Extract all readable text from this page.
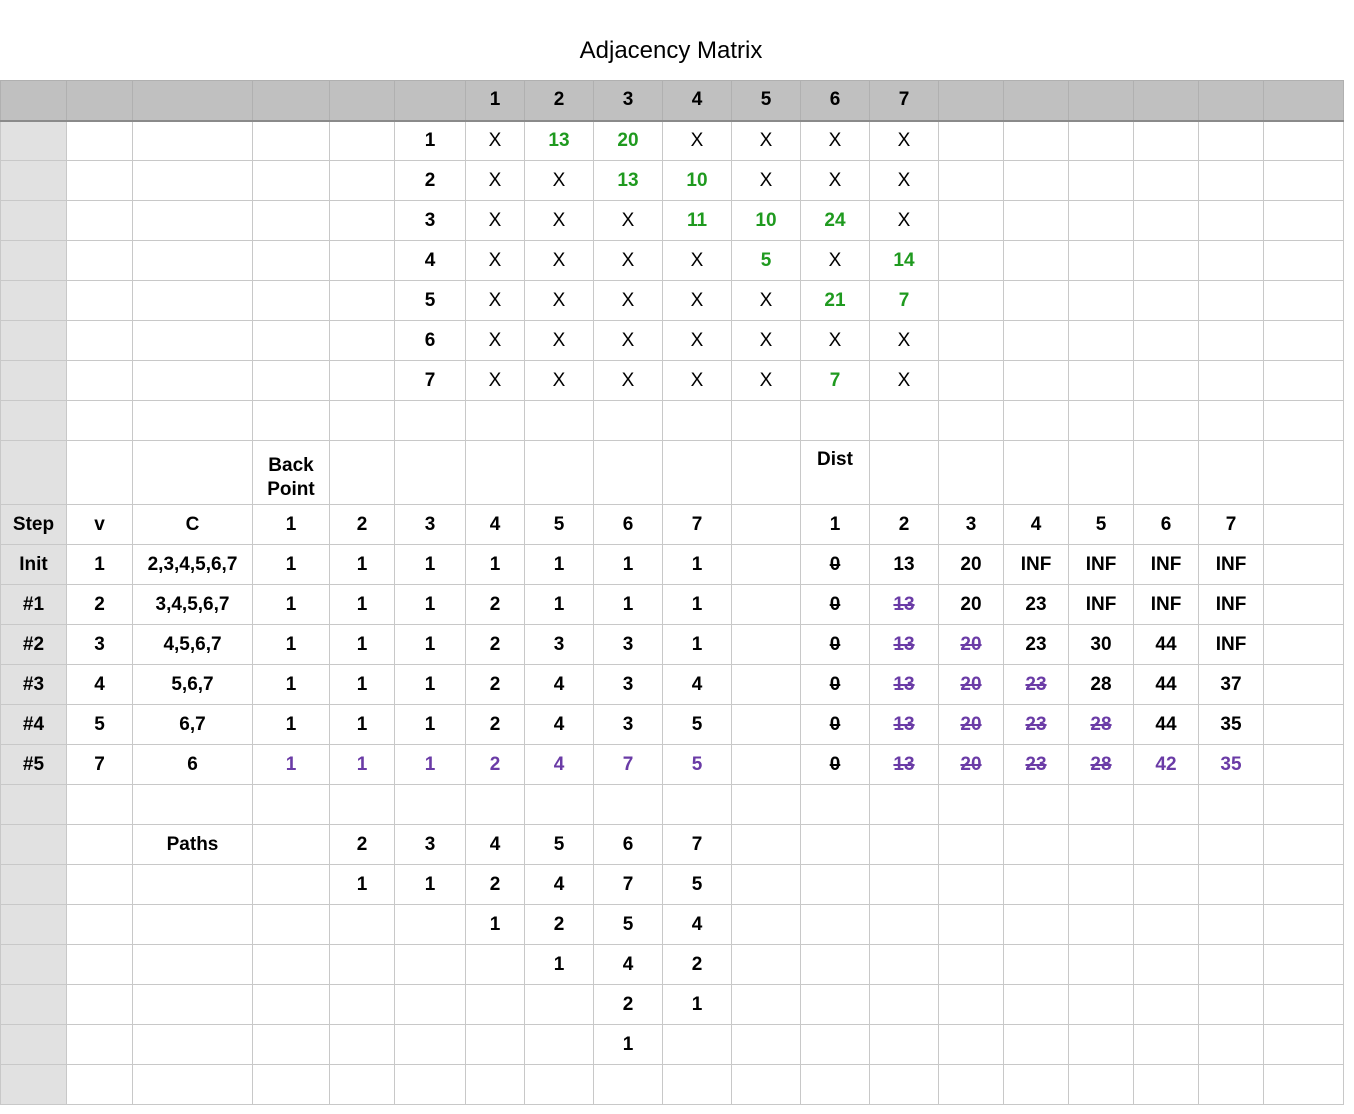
Adjacency Matrix
						1	2	3	4	5	6	7						
					1	X	13	20	X	X	X	X						
					2	X	X	13	10	X	X	X						
					3	X	X	X	11	10	24	X						
					4	X	X	X	X	5	X	14						
					5	X	X	X	X	X	21	7						
					6	X	X	X	X	X	X	X						
					7	X	X	X	X	X	7	X						

			Back Point								Dist							
Step	v	C	1	2	3	4	5	6	7		1	2	3	4	5	6	7	
Init	1	2,3,4,5,6,7	1	1	1	1	1	1	1		0	13	20	INF	INF	INF	INF	
#1	2	3,4,5,6,7	1	1	1	2	1	1	1		0	13	20	23	INF	INF	INF	
#2	3	4,5,6,7	1	1	1	2	3	3	1		0	13	20	23	30	44	INF	
#3	4	5,6,7	1	1	1	2	4	3	4		0	13	20	23	28	44	37	
#4	5	6,7	1	1	1	2	4	3	5		0	13	20	23	28	44	35	
#5	7	6	1	1	1	2	4	7	5		0	13	20	23	28	42	35	

		Paths		2	3	4	5	6	7									
				1	1	2	4	7	5									
						1	2	5	4									
							1	4	2									
								2	1									
								1										
